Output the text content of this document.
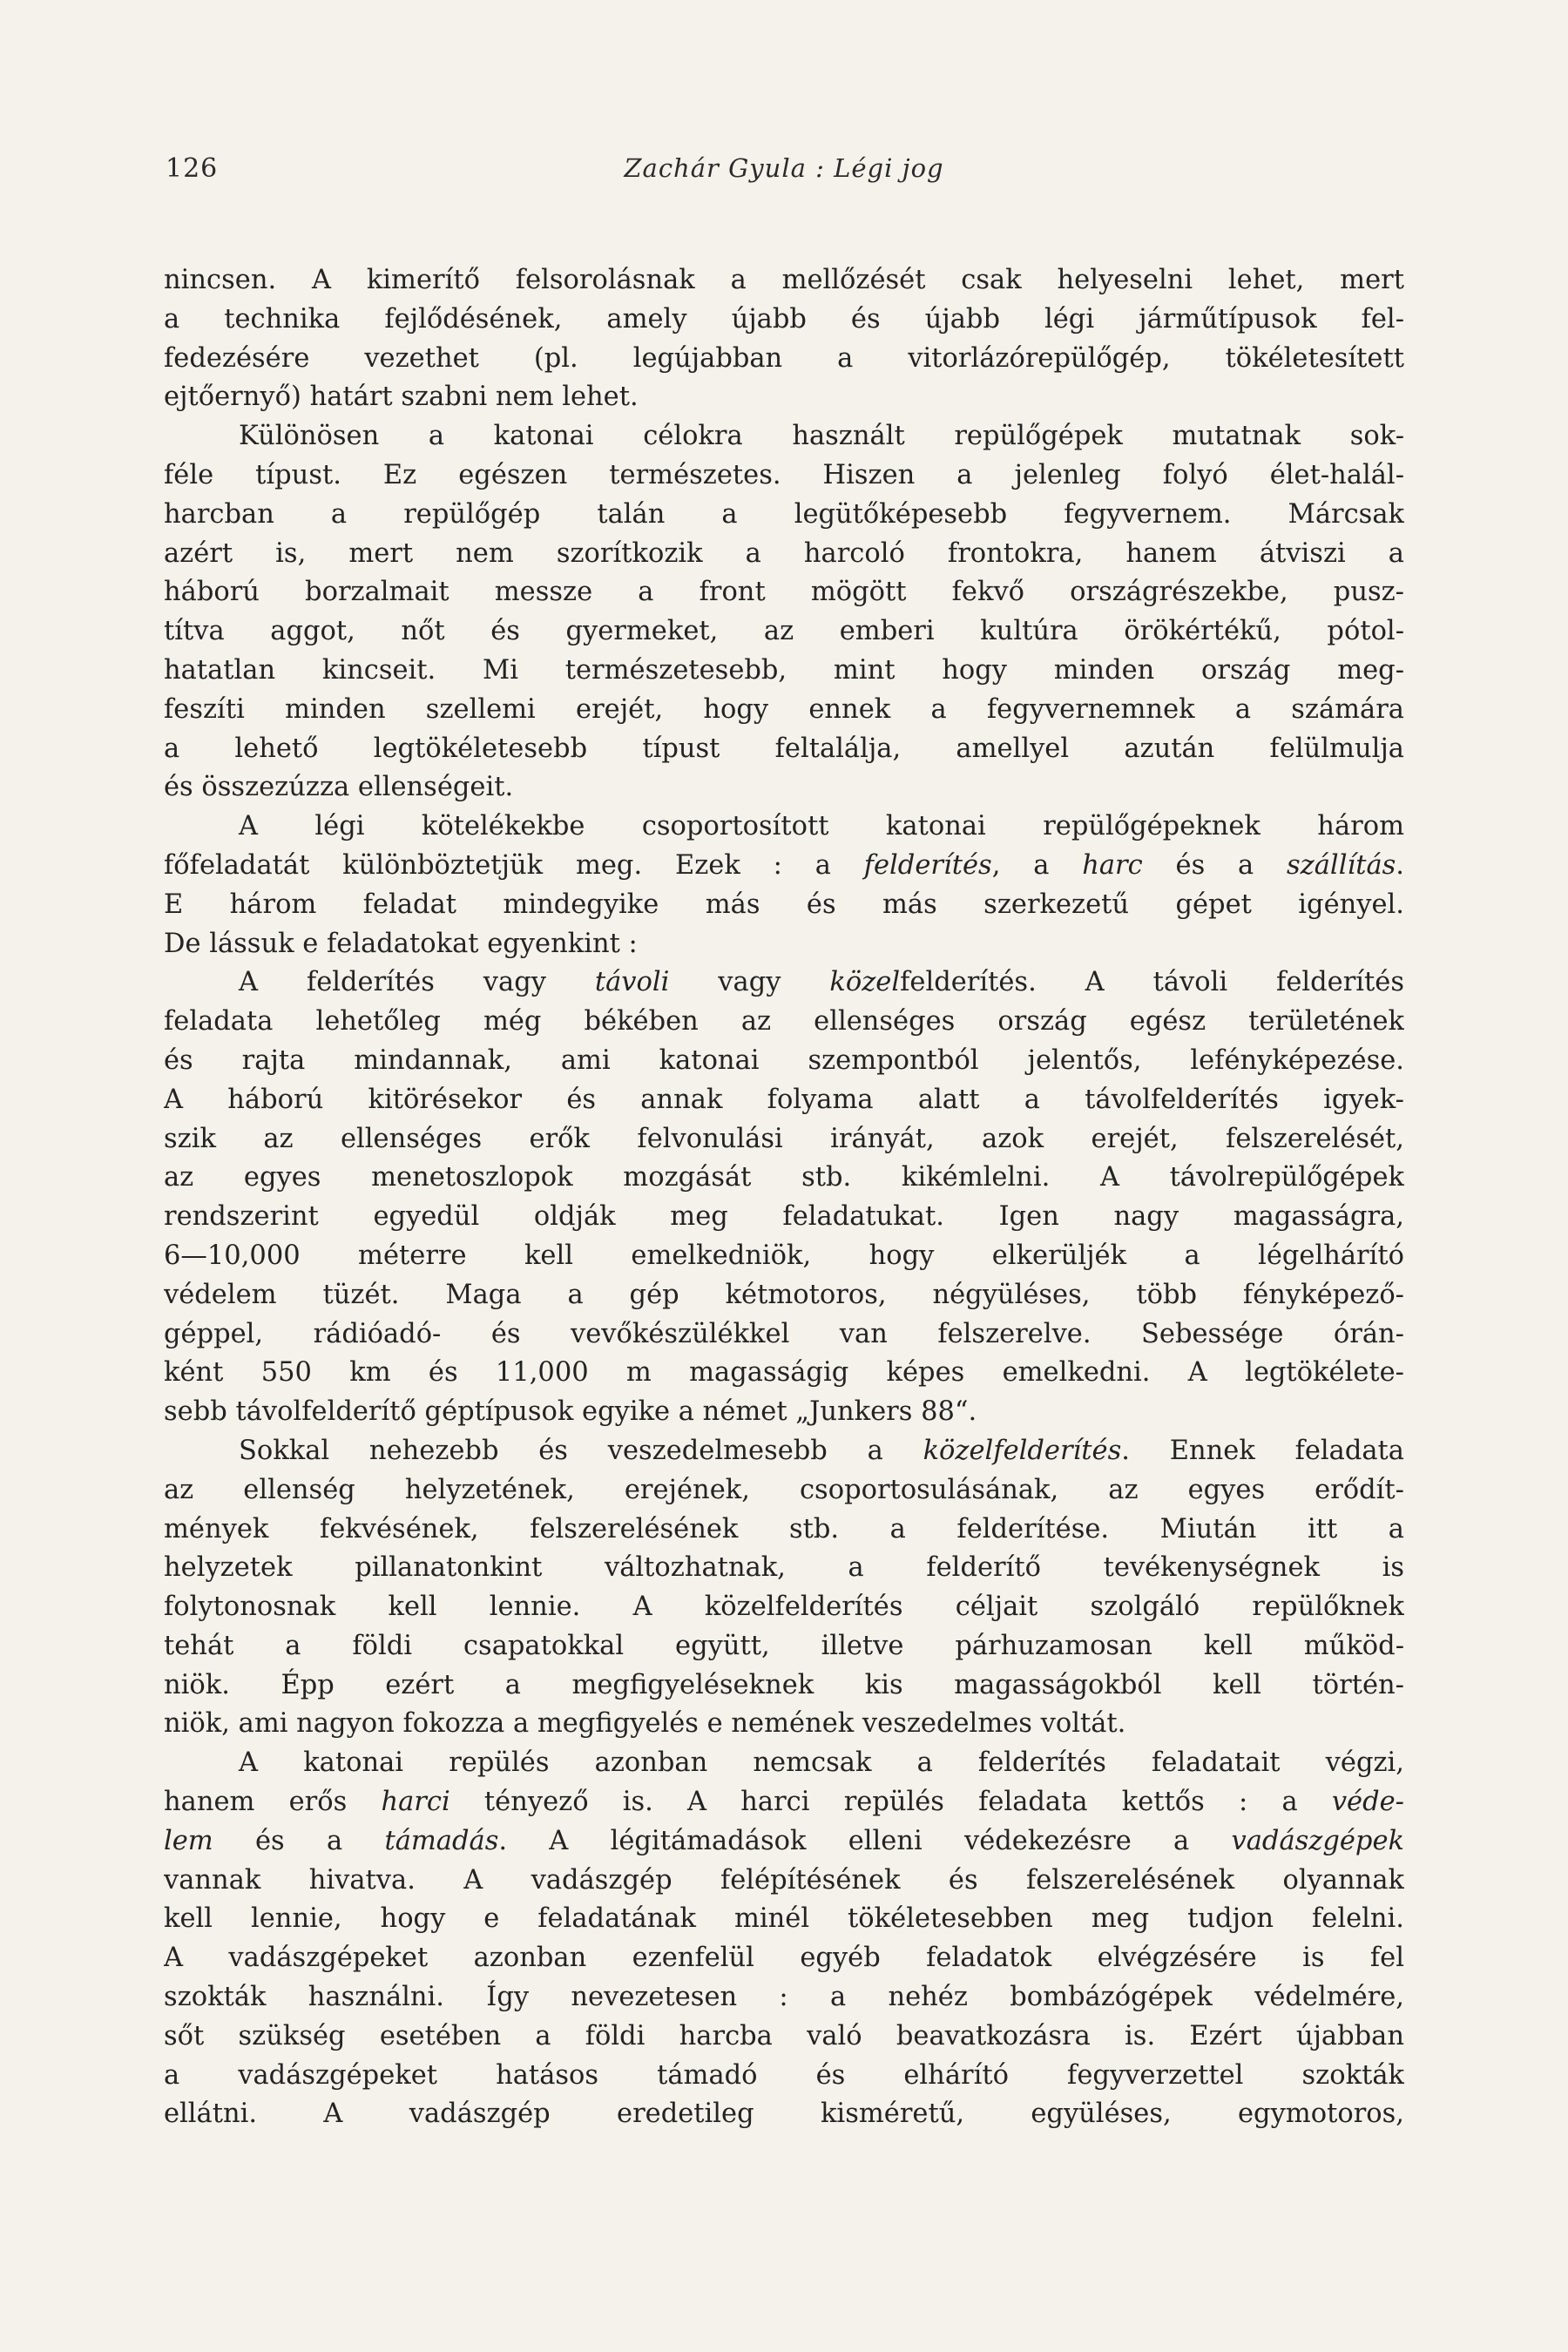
126	Zachár Gyula : Légi jog
nincsen. A kimerítő felsorolásnak a mellőzését csak helyeselni lehet, mert
a technika fejlődésének, amely újabb és újabb légi járműtípusok fel-
fedezésére vezethet (pl. legújabban a vitorlázórepülőgép, tökéletesített
ejtőernyő) határt szabni nem lehet.
Különösen a katonai célokra használt repülőgépek mutatnak sok-
féle típust. Ez egészen természetes. Hiszen a jelenleg folyó élet-halál-
harcban a repülőgép talán a legütőképesebb fegyvernem. Márcsak
azért is, mert nem szorítkozik a harcoló frontokra, hanem átviszi a
háború borzalmait messze a front mögött fekvő országrészekbe, pusz-
títva aggot, nőt és gyermeket, az emberi kultúra örökértékű, pótol-
hatatlan kincseit. Mi természetesebb, mint hogy minden ország meg-
feszíti minden szellemi erejét, hogy ennek a fegyvernemnek a számára
a lehető legtökéletesebb típust feltalálja, amellyel azután felülmulja
és összezúzza ellenségeit.
A légi kötelékekbe csoportosított katonai repülőgépeknek három
főfeladatát különböztetjük meg. Ezek : a felderítés, a harc és a szállítás.
E három feladat mindegyike más és más szerkezetű gépet igényel.
De lássuk e feladatokat egyenkint :
A felderítés vagy távoli vagy közelfelderítés. A távoli felderítés
feladata lehetőleg még békében az ellenséges ország egész területének
és rajta mindannak, ami katonai szempontból jelentős, lefényképezése.
A háború kitörésekor és annak folyama alatt a távolfelderítés igyek-
szik az ellenséges erők felvonulási irányát, azok erejét, felszerelését,
az egyes menetoszlopok mozgását stb. kikémlelni. A távolrepülőgépek
rendszerint egyedül oldják meg feladatukat. Igen nagy magasságra,
6—10,000 méterre kell emelkedniök, hogy elkerüljék a légelhárító
védelem tüzét. Maga a gép kétmotoros, négyüléses, több fényképező-
géppel, rádióadó- és vevőkészülékkel van felszerelve. Sebessége órán-
ként 550 km és 11,000 m magasságig képes emelkedni. A legtökélete-
sebb távolfelderítő géptípusok egyike a német „Junkers 88“.
Sokkal nehezebb és veszedelmesebb a közelfelderítés. Ennek feladata
az ellenség helyzetének, erejének, csoportosulásának, az egyes erődít-
mények fekvésének, felszerelésének stb. a felderítése. Miután itt a
helyzetek pillanatonkint változhatnak, a felderítő tevékenységnek is
folytonosnak kell lennie. A közelfelderítés céljait szolgáló repülőknek
tehát a földi csapatokkal együtt, illetve párhuzamosan kell működ-
niök. Épp ezért a megfigyeléseknek kis magasságokból kell történ-
niök, ami nagyon fokozza a megfigyelés e nemének veszedelmes voltát.
A katonai repülés azonban nemcsak a felderítés feladatait végzi,
hanem erős harci tényező is. A harci repülés feladata kettős : a véde-
lem és a támadás. A légitámadások elleni védekezésre a vadászgépek
vannak hivatva. A vadászgép felépítésének és felszerelésének olyannak
kell lennie, hogy e feladatának minél tökéletesebben meg tudjon felelni.
A vadászgépeket azonban ezenfelül egyéb feladatok elvégzésére is fel
szokták használni. Így nevezetesen : a nehéz bombázógépek védelmére,
sőt szükség esetében a földi harcba való beavatkozásra is. Ezért újabban
a vadászgépeket hatásos támadó és elhárító fegyverzettel szokták
ellátni. A vadászgép eredetileg kisméretű, együléses, egymotoros,
